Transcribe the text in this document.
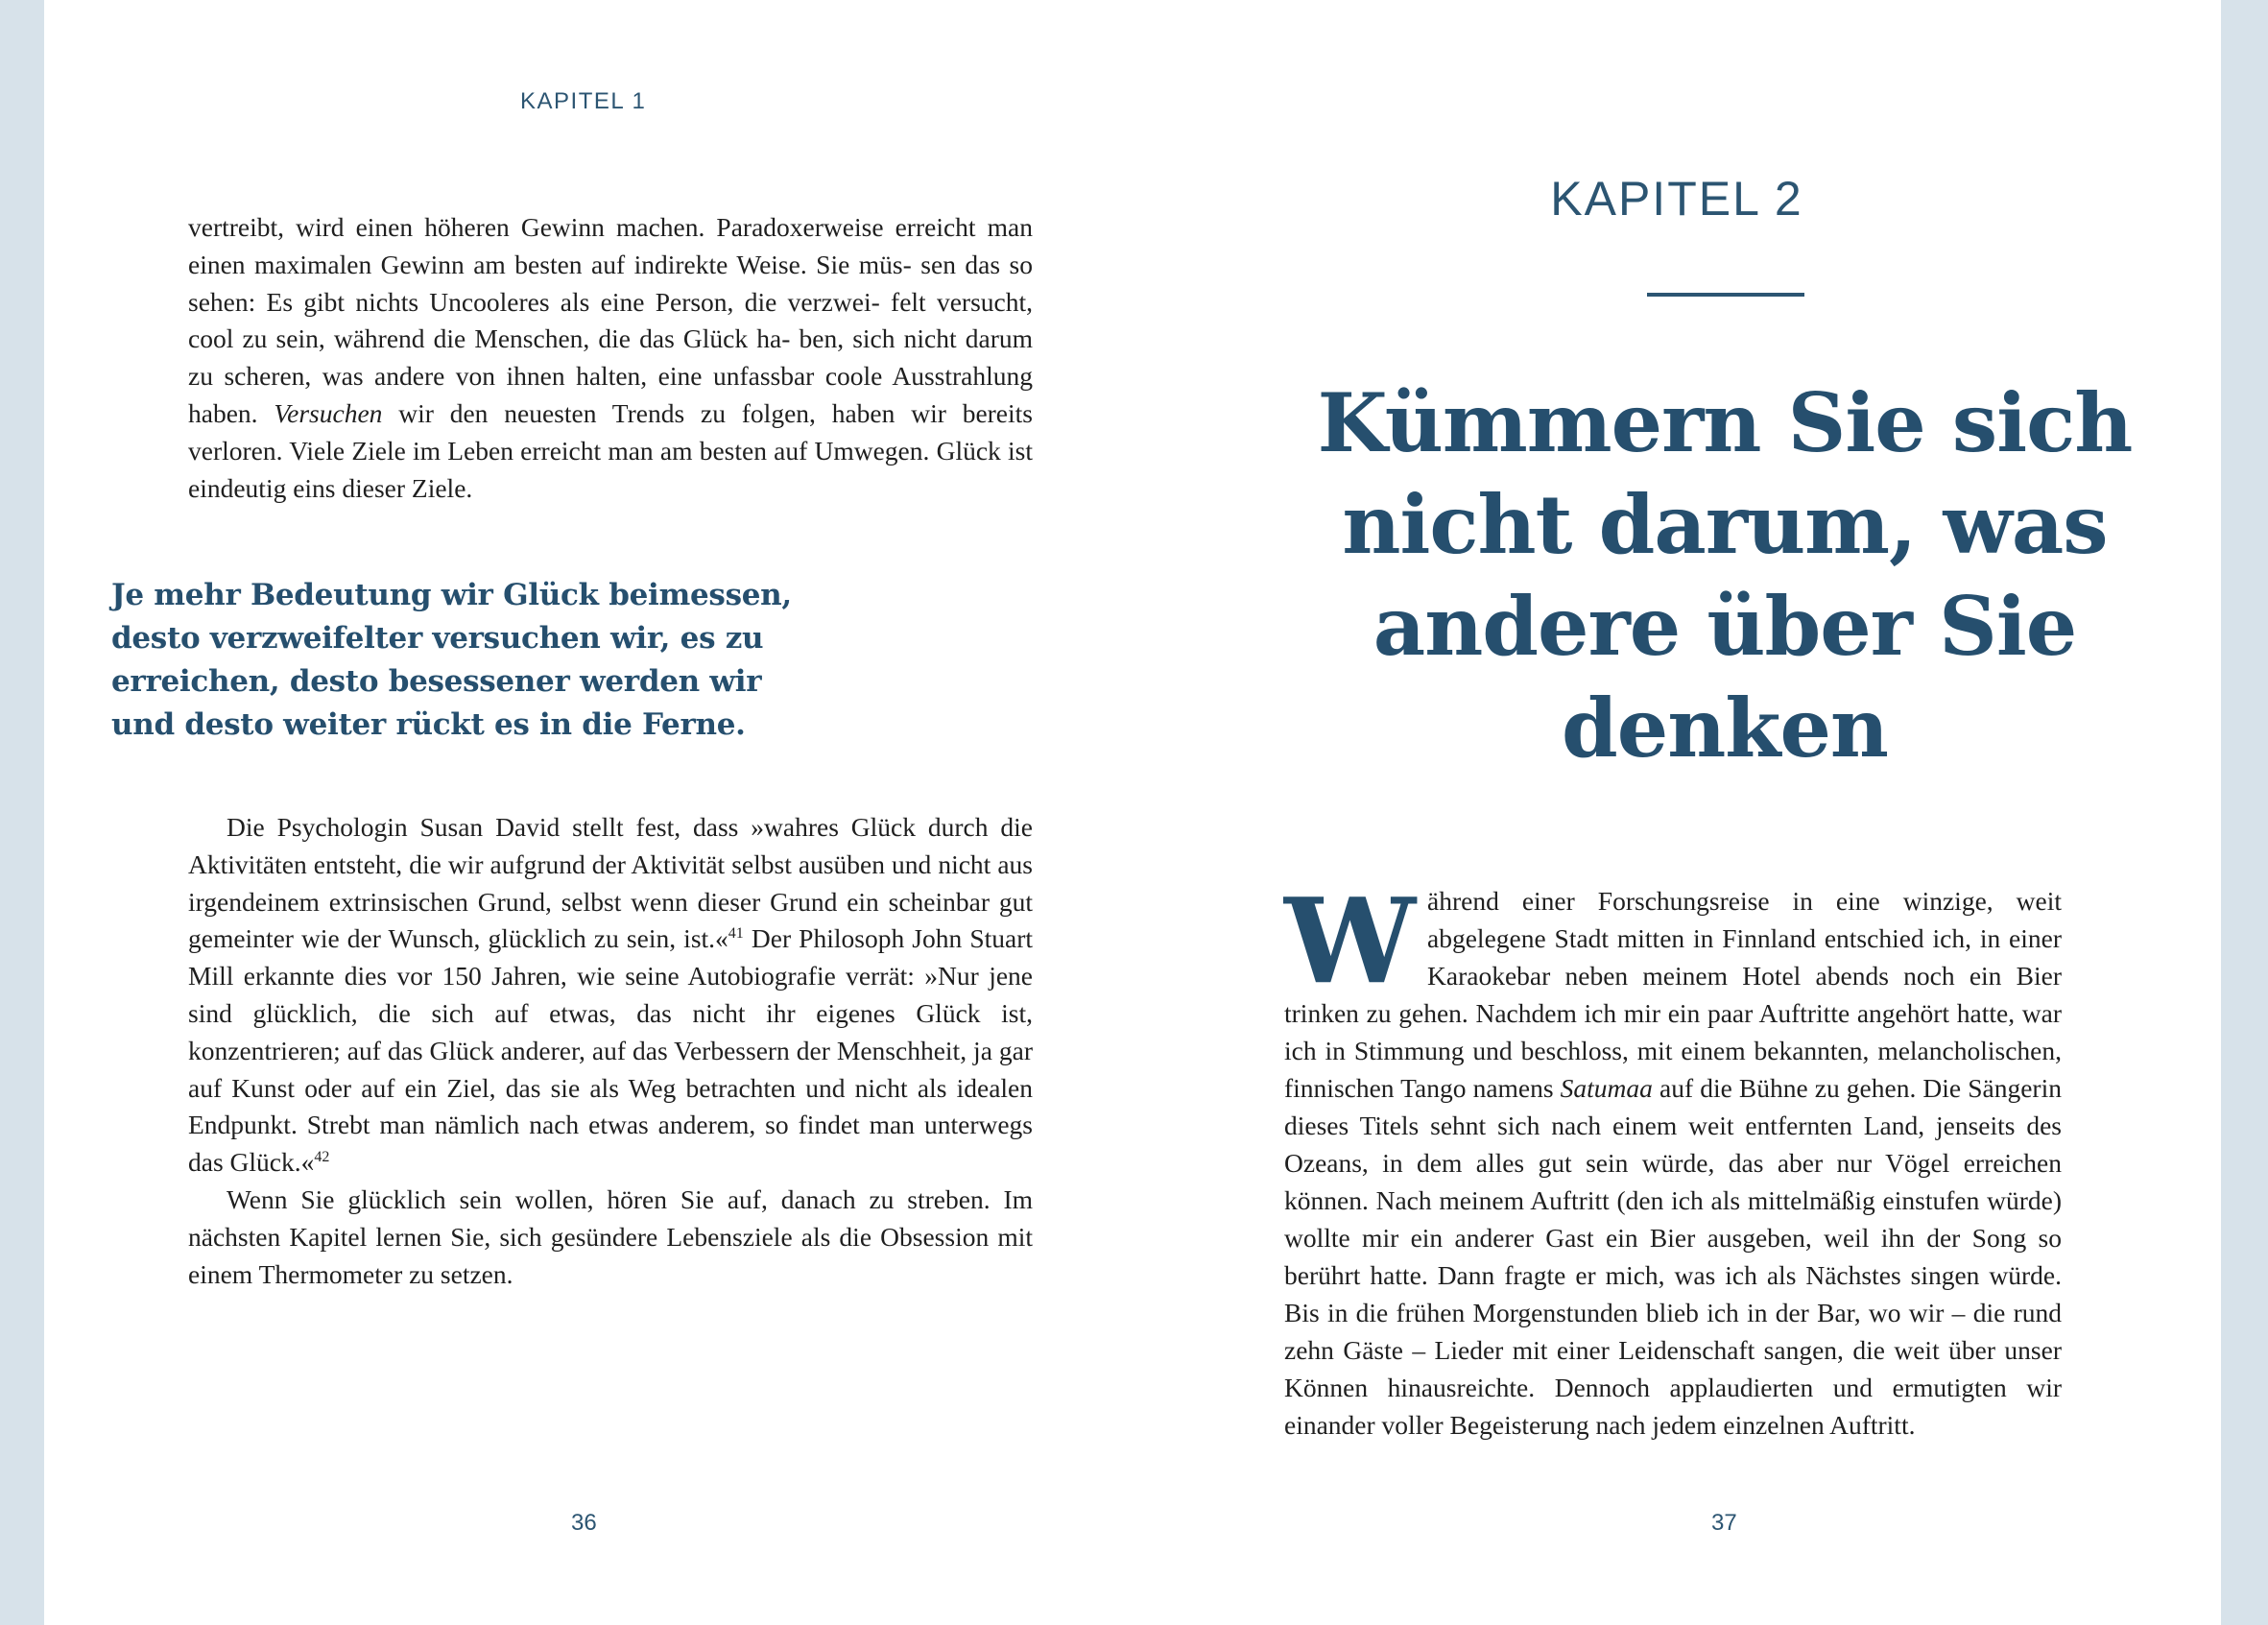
KAPITEL 1

vertreibt, wird einen höheren Gewinn machen. Paradoxerweise erreicht man einen maximalen Gewinn am besten auf indirekte Weise. Sie müs- sen das so sehen: Es gibt nichts Uncooleres als eine Person, die verzwei- felt versucht, cool zu sein, während die Menschen, die das Glück ha- ben, sich nicht darum zu scheren, was andere von ihnen halten, eine unfassbar coole Ausstrahlung haben. Versuchen wir den neuesten Trends zu folgen, haben wir bereits verloren. Viele Ziele im Leben erreicht man am besten auf Umwegen. Glück ist eindeutig eins dieser Ziele.

Je mehr Bedeutung wir Glück beimessen, desto verzweifelter versuchen wir, es zu erreichen, desto besessener werden wir und desto weiter rückt es in die Ferne.

Die Psychologin Susan David stellt fest, dass »wahres Glück durch die Aktivitäten entsteht, die wir aufgrund der Aktivität selbst ausüben und nicht aus irgendeinem extrinsischen Grund, selbst wenn dieser Grund ein scheinbar gut gemeinter wie der Wunsch, glücklich zu sein, ist.«$^{41}$ Der Philosoph John Stuart Mill erkannte dies vor 150 Jahren, wie seine Autobiografie verrät: »Nur jene sind glücklich, die sich auf etwas, das nicht ihr eigenes Glück ist, konzentrieren; auf das Glück anderer, auf das Verbessern der Menschheit, ja gar auf Kunst oder auf ein Ziel, das sie als Weg betrachten und nicht als idealen Endpunkt. Strebt man nämlich nach etwas anderem, so findet man unterwegs das Glück.«$^{42}$

Wenn Sie glücklich sein wollen, hören Sie auf, danach zu streben. Im nächsten Kapitel lernen Sie, sich gesündere Lebensziele als die Obsession mit einem Thermometer zu setzen.

36
KAPITEL 2
Kümmern Sie sich nicht darum, was andere über Sie denken

Während einer Forschungsreise in eine winzige, weit abgelegene Stadt mitten in Finnland entschied ich, in einer Karaokebar neben meinem Hotel abends noch ein Bier trinken zu gehen. Nachdem ich mir ein paar Auftritte angehört hatte, war ich in Stimmung und beschloss, mit einem bekannten, melancholischen, finnischen Tango namens Satumaa auf die Bühne zu gehen. Die Sängerin dieses Titels sehnt sich nach einem weit entfernten Land, jenseits des Ozeans, in dem alles gut sein würde, das aber nur Vögel erreichen können. Nach meinem Auftritt (den ich als mittelmäßig einstufen würde) wollte mir ein anderer Gast ein Bier ausgeben, weil ihn der Song so berührt hatte. Dann fragte er mich, was ich als Nächstes singen würde. Bis in die frühen Morgenstunden blieb ich in der Bar, wo wir – die rund zehn Gäste – Lieder mit einer Leidenschaft sangen, die weit über unser Können hinausreichte. Dennoch applaudierten und ermutigten wir einander voller Begeisterung nach jedem einzelnen Auftritt.

37
